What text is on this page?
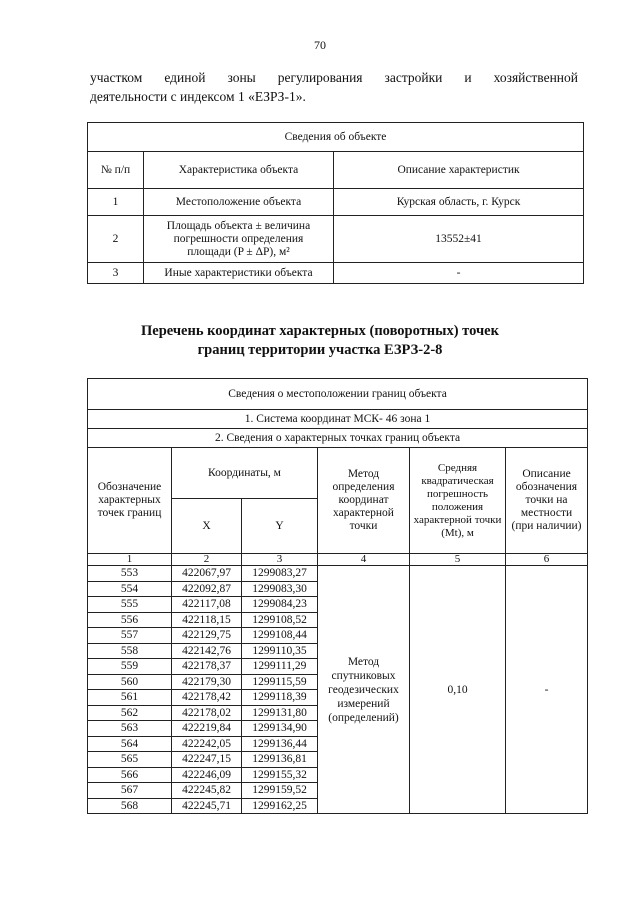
70
участком единой зоны регулирования застройки и хозяйственной
деятельности с индексом 1 «ЕЗРЗ-1».
Сведения об объекте		
№ п/п	Характеристика объекта	Описание характеристик
1	Местоположение объекта	Курская область, г. Курск
2	Площадь объекта ± величина
погрешности определения
площади (P ± ΔP), м²	13552±41
3	Иные характеристики объекта	-
Перечень координат характерных (поворотных) точек
границ территории участка ЕЗРЗ-2-8
Сведения о местоположении границ объекта					
1. Система координат МСК- 46 зона 1					
2. Сведения о характерных точках границ объекта					
Обозначение характерных точек границ	Координаты, м		Метод определения координат характерной точки	Средняя квадратическая погрешность положения характерной точки (Mt), м	Описание обозначения точки на местности (при наличии)
	X	Y			
1	2	3	4	5	6
553	422067,97	1299083,27	Метод спутниковых геодезических измерений (определений)	0,10	-
554	422092,87	1299083,30			
555	422117,08	1299084,23			
556	422118,15	1299108,52			
557	422129,75	1299108,44			
558	422142,76	1299110,35			
559	422178,37	1299111,29			
560	422179,30	1299115,59			
561	422178,42	1299118,39			
562	422178,02	1299131,80			
563	422219,84	1299134,90			
564	422242,05	1299136,44			
565	422247,15	1299136,81			
566	422246,09	1299155,32			
567	422245,82	1299159,52			
568	422245,71	1299162,25			
